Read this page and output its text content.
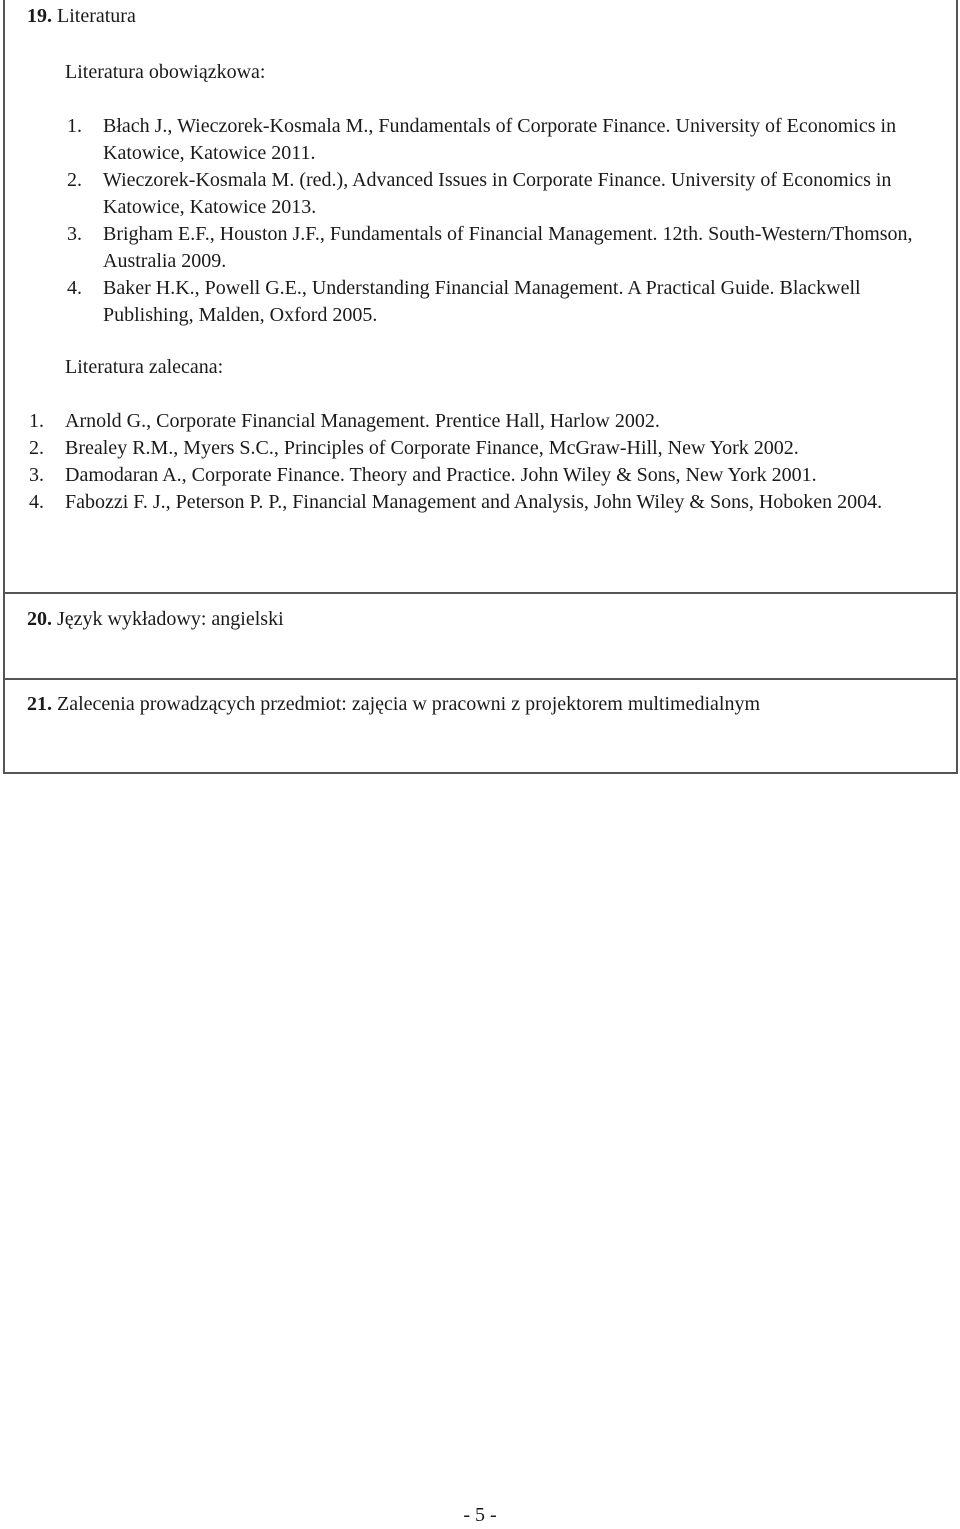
19. Literatura
Literatura obowiązkowa:
1. Błach J., Wieczorek-Kosmala M., Fundamentals of Corporate Finance. University of Economics in Katowice, Katowice 2011.
2. Wieczorek-Kosmala M. (red.), Advanced Issues in Corporate Finance. University of Economics in Katowice, Katowice 2013.
3. Brigham E.F., Houston J.F., Fundamentals of Financial Management. 12th. South-Western/Thomson, Australia 2009.
4. Baker H.K., Powell G.E., Understanding Financial Management. A Practical Guide. Blackwell Publishing, Malden, Oxford 2005.
Literatura zalecana:
1. Arnold G., Corporate Financial Management. Prentice Hall, Harlow 2002.
2. Brealey R.M., Myers S.C., Principles of Corporate Finance, McGraw-Hill, New York 2002.
3. Damodaran A., Corporate Finance. Theory and Practice. John Wiley & Sons, New York 2001.
4. Fabozzi F. J., Peterson P. P., Financial Management and Analysis, John Wiley & Sons, Hoboken 2004.
20. Język wykładowy: angielski
21. Zalecenia prowadzących przedmiot: zajęcia w pracowni z projektorem multimedialnym
- 5 -
